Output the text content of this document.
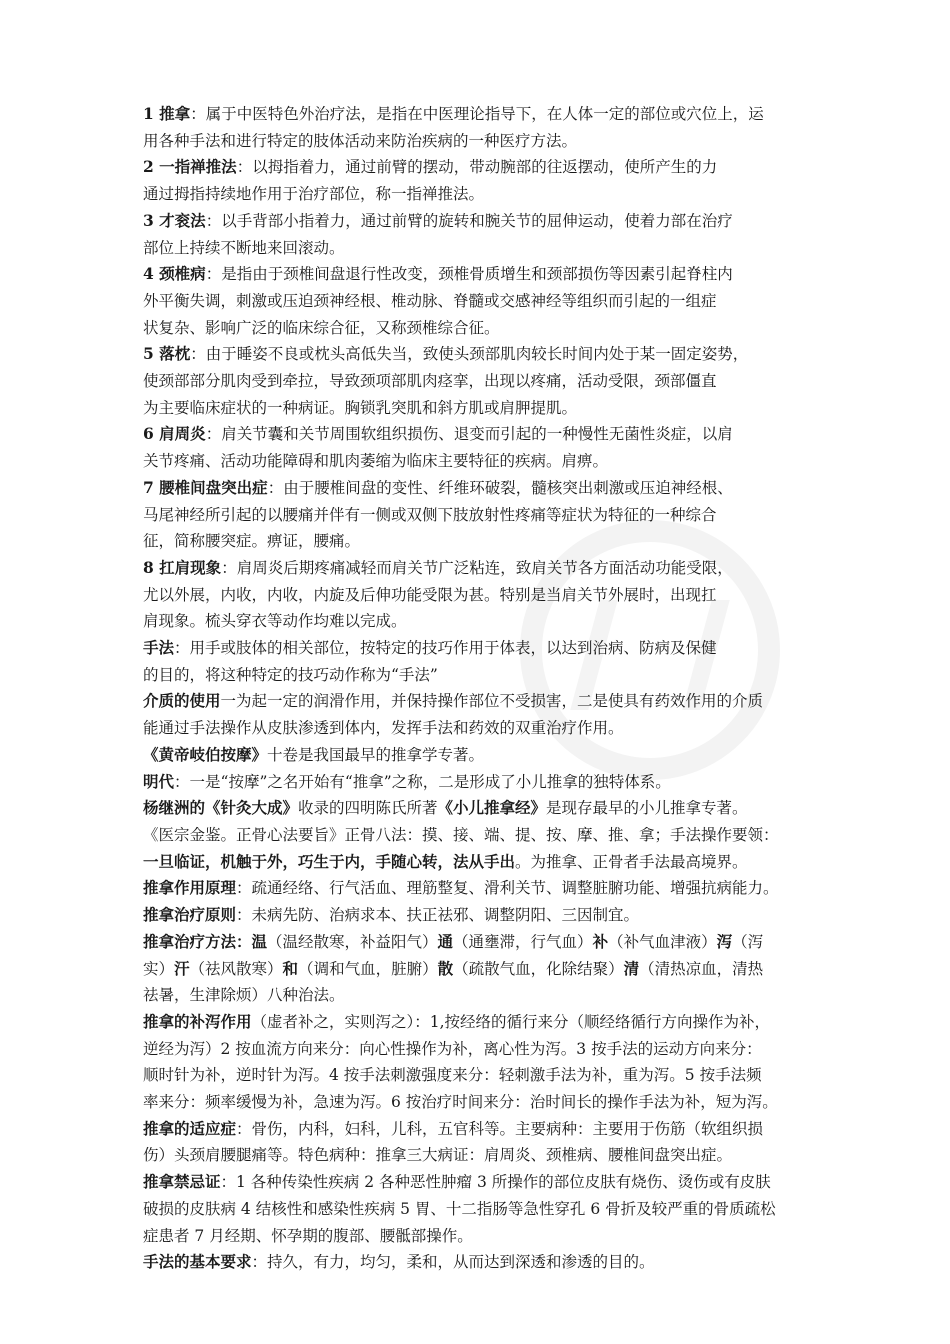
1 推拿：属于中医特色外治疗法，是指在中医理论指导下，在人体一定的部位或穴位上，运
用各种手法和进行特定的肢体活动来防治疾病的一种医疗方法。
2 一指禅推法：以拇指着力，通过前臂的摆动，带动腕部的往返摆动，使所产生的力
通过拇指持续地作用于治疗部位，称一指禅推法。
3 才衮法：以手背部小指着力，通过前臂的旋转和腕关节的屈伸运动，使着力部在治疗
部位上持续不断地来回滚动。
4 颈椎病：是指由于颈椎间盘退行性改变，颈椎骨质增生和颈部损伤等因素引起脊柱内
外平衡失调，刺激或压迫颈神经根、椎动脉、脊髓或交感神经等组织而引起的一组症
状复杂、影响广泛的临床综合征，又称颈椎综合征。
5 落枕：由于睡姿不良或枕头高低失当，致使头颈部肌肉较长时间内处于某一固定姿势，
使颈部部分肌肉受到牵拉，导致颈项部肌肉痉挛，出现以疼痛，活动受限，颈部僵直
为主要临床症状的一种病证。胸锁乳突肌和斜方肌或肩胛提肌。
6 肩周炎：肩关节囊和关节周围软组织损伤、退变而引起的一种慢性无菌性炎症，以肩
关节疼痛、活动功能障碍和肌肉萎缩为临床主要特征的疾病。肩痹。
7 腰椎间盘突出症：由于腰椎间盘的变性、纤维环破裂，髓核突出刺激或压迫神经根、
马尾神经所引起的以腰痛并伴有一侧或双侧下肢放射性疼痛等症状为特征的一种综合
征，简称腰突症。痹证，腰痛。
8 扛肩现象：肩周炎后期疼痛减轻而肩关节广泛粘连，致肩关节各方面活动功能受限，
尤以外展，内收，内收，内旋及后伸功能受限为甚。特别是当肩关节外展时，出现扛
肩现象。梳头穿衣等动作均难以完成。
手法：用手或肢体的相关部位，按特定的技巧作用于体表，以达到治病、防病及保健
的目的，将这种特定的技巧动作称为“手法”
介质的使用一为起一定的润滑作用，并保持操作部位不受损害，二是使具有药效作用的介质
能通过手法操作从皮肤渗透到体内，发挥手法和药效的双重治疗作用。
《黄帝岐伯按摩》十卷是我国最早的推拿学专著。
明代：一是“按摩”之名开始有“推拿”之称，二是形成了小儿推拿的独特体系。
杨继洲的《针灸大成》收录的四明陈氏所著《小儿推拿经》是现存最早的小儿推拿专著。
《医宗金鉴。正骨心法要旨》正骨八法：摸、接、端、提、按、摩、推、拿；手法操作要领：
一旦临证，机触于外，巧生于内，手随心转，法从手出。为推拿、正骨者手法最高境界。
推拿作用原理：疏通经络、行气活血、理筋整复、滑利关节、调整脏腑功能、增强抗病能力。
推拿治疗原则：未病先防、治病求本、扶正祛邪、调整阴阳、三因制宜。
推拿治疗方法：温（温经散寒，补益阳气）通（通壅滞，行气血）补（补气血津液）泻（泻
实）汗（祛风散寒）和（调和气血，脏腑）散（疏散气血，化除结聚）清（清热凉血，清热
祛暑，生津除烦）八种治法。
推拿的补泻作用（虚者补之，实则泻之）：1,按经络的循行来分（顺经络循行方向操作为补，
逆经为泻）2 按血流方向来分：向心性操作为补，离心性为泻。3 按手法的运动方向来分：
顺时针为补，逆时针为泻。4 按手法刺激强度来分：轻刺激手法为补，重为泻。5 按手法频
率来分：频率缓慢为补，急速为泻。6 按治疗时间来分：治时间长的操作手法为补，短为泻。
推拿的适应症：骨伤，内科，妇科，儿科，五官科等。主要病种：主要用于伤筋（软组织损
伤）头颈肩腰腿痛等。特色病种：推拿三大病证：肩周炎、颈椎病、腰椎间盘突出症。
推拿禁忌证：1 各种传染性疾病 2 各种恶性肿瘤 3 所操作的部位皮肤有烧伤、烫伤或有皮肤
破损的皮肤病 4 结核性和感染性疾病 5 胃、十二指肠等急性穿孔 6 骨折及较严重的骨质疏松
症患者 7 月经期、怀孕期的腹部、腰骶部操作。
手法的基本要求：持久，有力，均匀，柔和，从而达到深透和渗透的目的。
